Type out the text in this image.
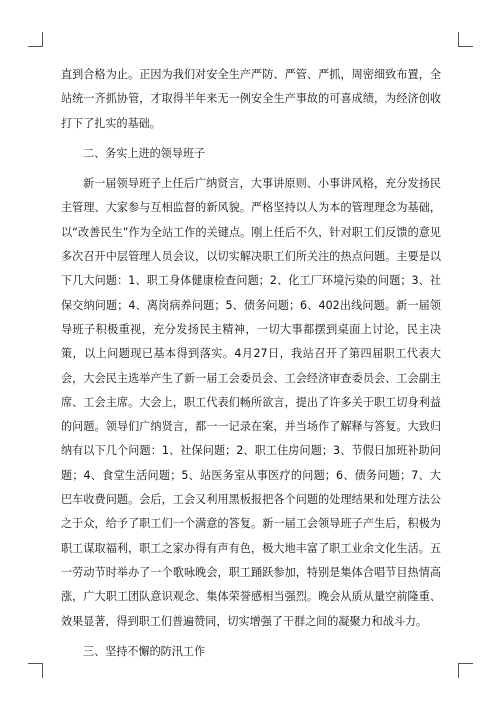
直到合格为止。正因为我们对安全生产严防、严管、严抓，周密细致布置，全站统一齐抓协管，才取得半年来无一例安全生产事故的可喜成绩，为经济创收打下了扎实的基础。

二、务实上进的领导班子

新一届领导班子上任后广纳贤言，大事讲原则、小事讲风格，充分发扬民主管理、大家参与互相监督的新风貌。严格坚持以人为本的管理理念为基础，以“改善民生”作为全站工作的关键点。刚上任后不久，针对职工们反馈的意见多次召开中层管理人员会议，以切实解决职工们所关注的热点问题。主要是以下几大问题：1、职工身体健康检查问题；2、化工厂环境污染的问题；3、社保交纳问题；4、离岗病养问题；5、债务问题；6、402出线问题。新一届领导班子积极重视，充分发扬民主精神，一切大事都摆到桌面上讨论，民主决策，以上问题现已基本得到落实。4月27日，我站召开了第四届职工代表大会，大会民主选举产生了新一届工会委员会、工会经济审查委员会、工会副主席、工会主席。大会上，职工代表们畅所欲言，提出了许多关于职工切身利益的问题。领导们广纳贤言，都一一记录在案，并当场作了解释与答复。大致归纳有以下几个问题：1、社保问题；2、职工住房问题；3、节假日加班补助问题；4、食堂生活问题；5、站医务室从事医疗的问题；6、债务问题；7、大巴车收费问题。会后，工会又利用黑板报把各个问题的处理结果和处理方法公之于众，给予了职工们一个满意的答复。新一届工会领导班子产生后，积极为职工谋取福利，职工之家办得有声有色，极大地丰富了职工业余文化生活。五一劳动节时举办了一个歌咏晚会，职工踊跃参加，特别是集体合唱节目热情高涨，广大职工团队意识观念、集体荣誉感相当强烈。晚会从质从量空前隆重、效果显著，得到职工们普遍赞同，切实增强了干群之间的凝聚力和战斗力。

三、坚持不懈的防汛工作
